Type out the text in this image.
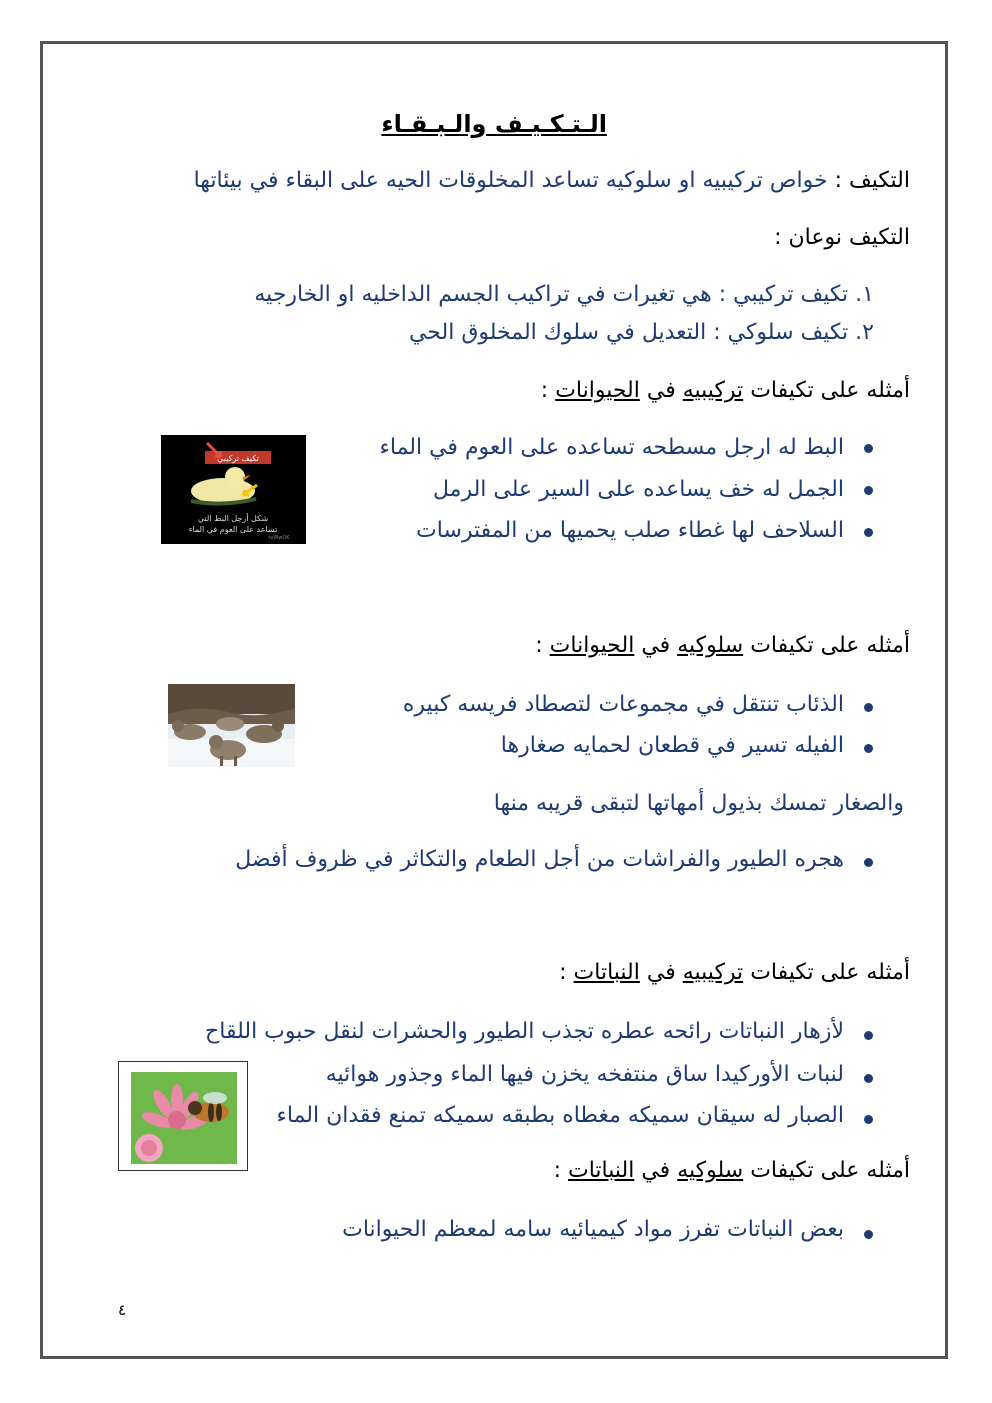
الـتـكـيـف والـبـقـاء
التكيف : خواص تركيبيه او سلوكيه تساعد المخلوقات الحيه على البقاء في بيئاتها
التكيف نوعان :
١. تكيف تركيبي : هي تغيرات في تراكيب الجسم الداخليه او الخارجيه
٢. تكيف سلوكي : التعديل في سلوك المخلوق الحي
أمثله على تكيفات تركيبيه في الحيوانات :
البط له ارجل مسطحه تساعده على العوم في الماء
الجمل له خف يساعده على السير على الرمل
السلاحف لها غطاء صلب يحميها من المفترسات
تكيف تركيبي
شكل أرجل البط التي
تساعد على العوم في الماء
tvWwOK
أمثله على تكيفات سلوكيه في الحيوانات :
الذئاب تنتقل في مجموعات لتصطاد فريسه كبيره
الفيله تسير في قطعان لحمايه صغارها
والصغار تمسك بذيول أمهاتها لتبقى قريبه منها
هجره الطيور والفراشات من أجل الطعام والتكاثر في ظروف أفضل
أمثله على تكيفات تركيبيه في النباتات :
لأزهار النباتات رائحه عطره تجذب الطيور والحشرات لنقل حبوب اللقاح
لنبات الأوركيدا ساق منتفخه يخزن فيها الماء وجذور هوائيه
الصبار له سيقان سميكه مغطاه بطبقه سميكه تمنع فقدان الماء
أمثله على تكيفات سلوكيه في النباتات :
بعض النباتات تفرز مواد كيميائيه سامه لمعظم الحيوانات
٤
